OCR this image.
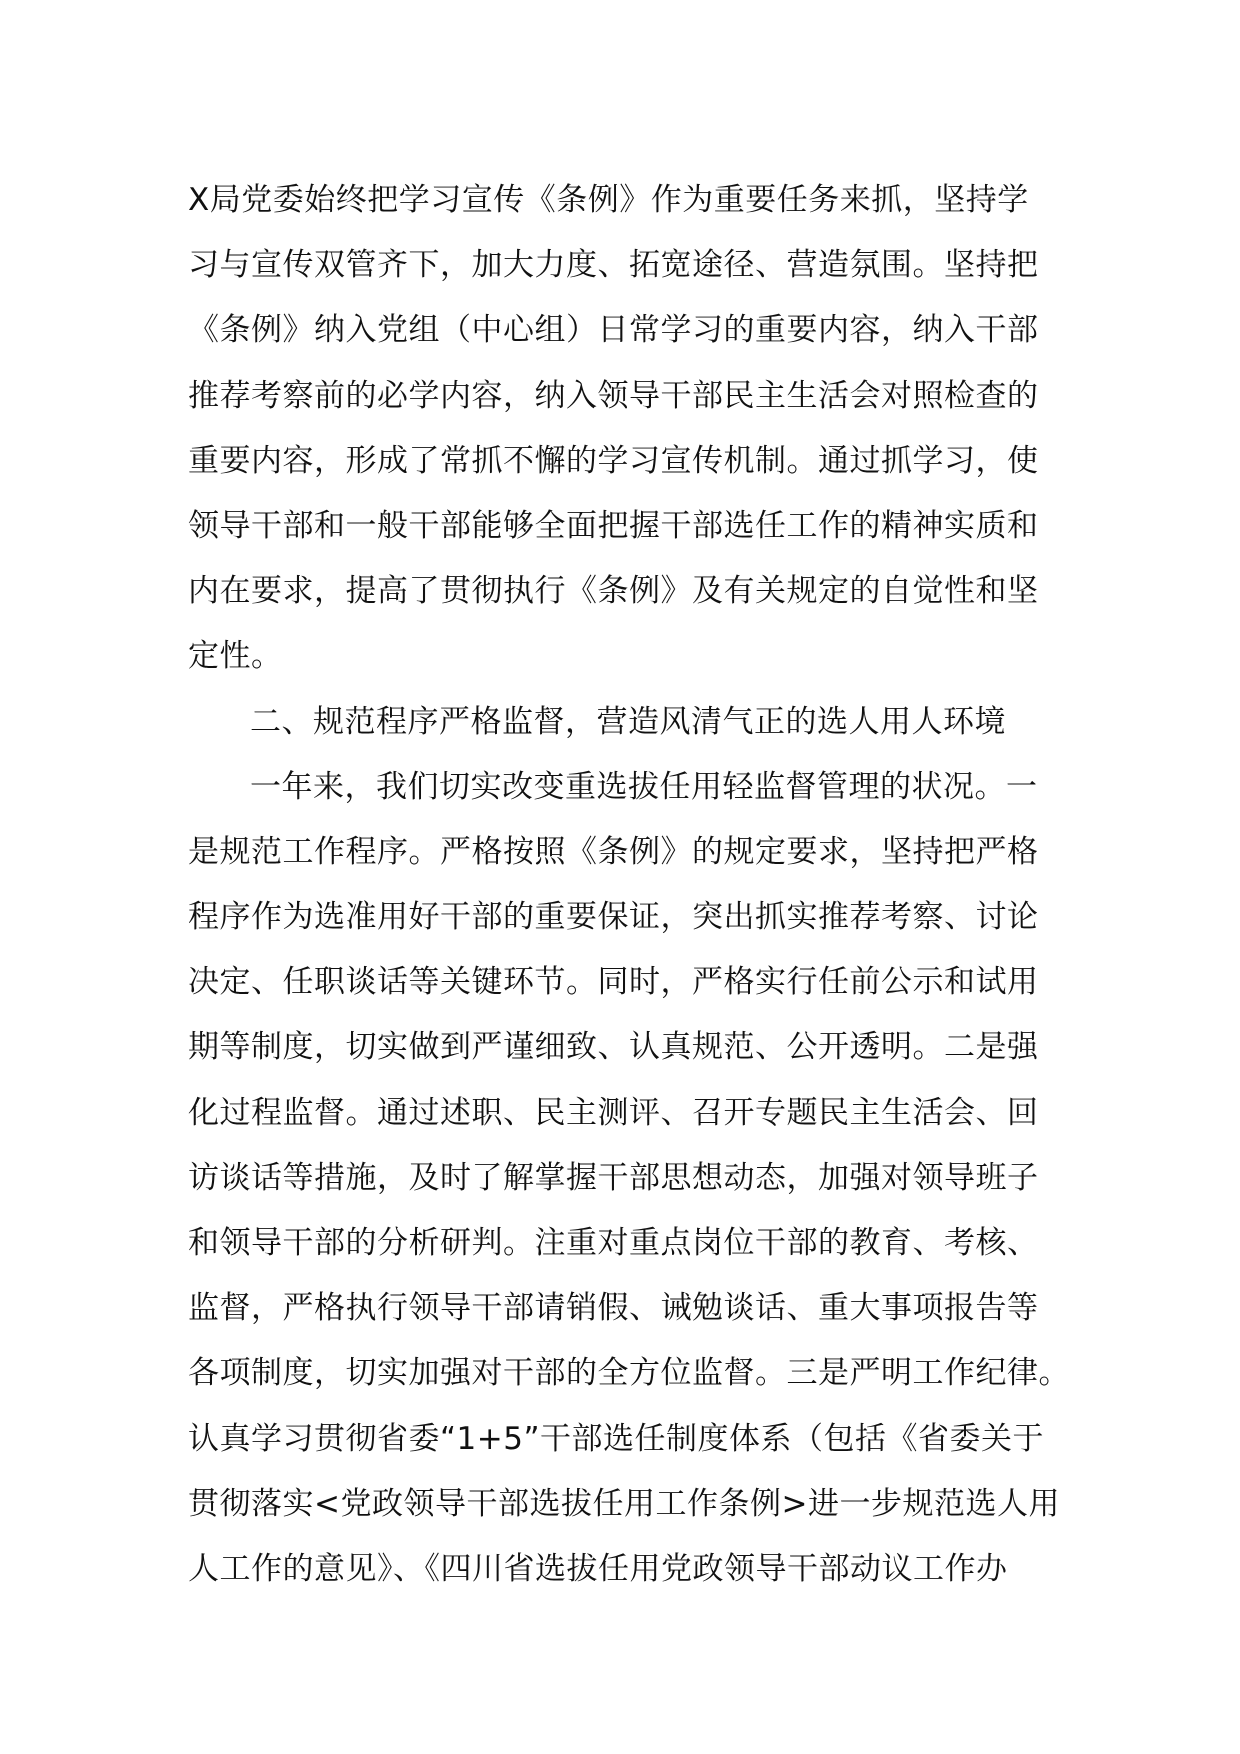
X局党委始终把学习宣传《条例》作为重要任务来抓，坚持学
习与宣传双管齐下，加大力度、拓宽途径、营造氛围。坚持把
《条例》纳入党组（中心组）日常学习的重要内容，纳入干部
推荐考察前的必学内容，纳入领导干部民主生活会对照检查的
重要内容，形成了常抓不懈的学习宣传机制。通过抓学习，使
领导干部和一般干部能够全面把握干部选任工作的精神实质和
内在要求，提高了贯彻执行《条例》及有关规定的自觉性和坚
定性。
二、规范程序严格监督，营造风清气正的选人用人环境
一年来，我们切实改变重选拔任用轻监督管理的状况。一
是规范工作程序。严格按照《条例》的规定要求，坚持把严格
程序作为选准用好干部的重要保证，突出抓实推荐考察、讨论
决定、任职谈话等关键环节。同时，严格实行任前公示和试用
期等制度，切实做到严谨细致、认真规范、公开透明。二是强
化过程监督。通过述职、民主测评、召开专题民主生活会、回
访谈话等措施，及时了解掌握干部思想动态，加强对领导班子
和领导干部的分析研判。注重对重点岗位干部的教育、考核、
监督，严格执行领导干部请销假、诫勉谈话、重大事项报告等
各项制度，切实加强对干部的全方位监督。三是严明工作纪律。
认真学习贯彻省委“1+5”干部选任制度体系（包括《省委关于
贯彻落实<党政领导干部选拔任用工作条例>进一步规范选人用
人工作的意见》、《四川省选拔任用党政领导干部动议工作办
